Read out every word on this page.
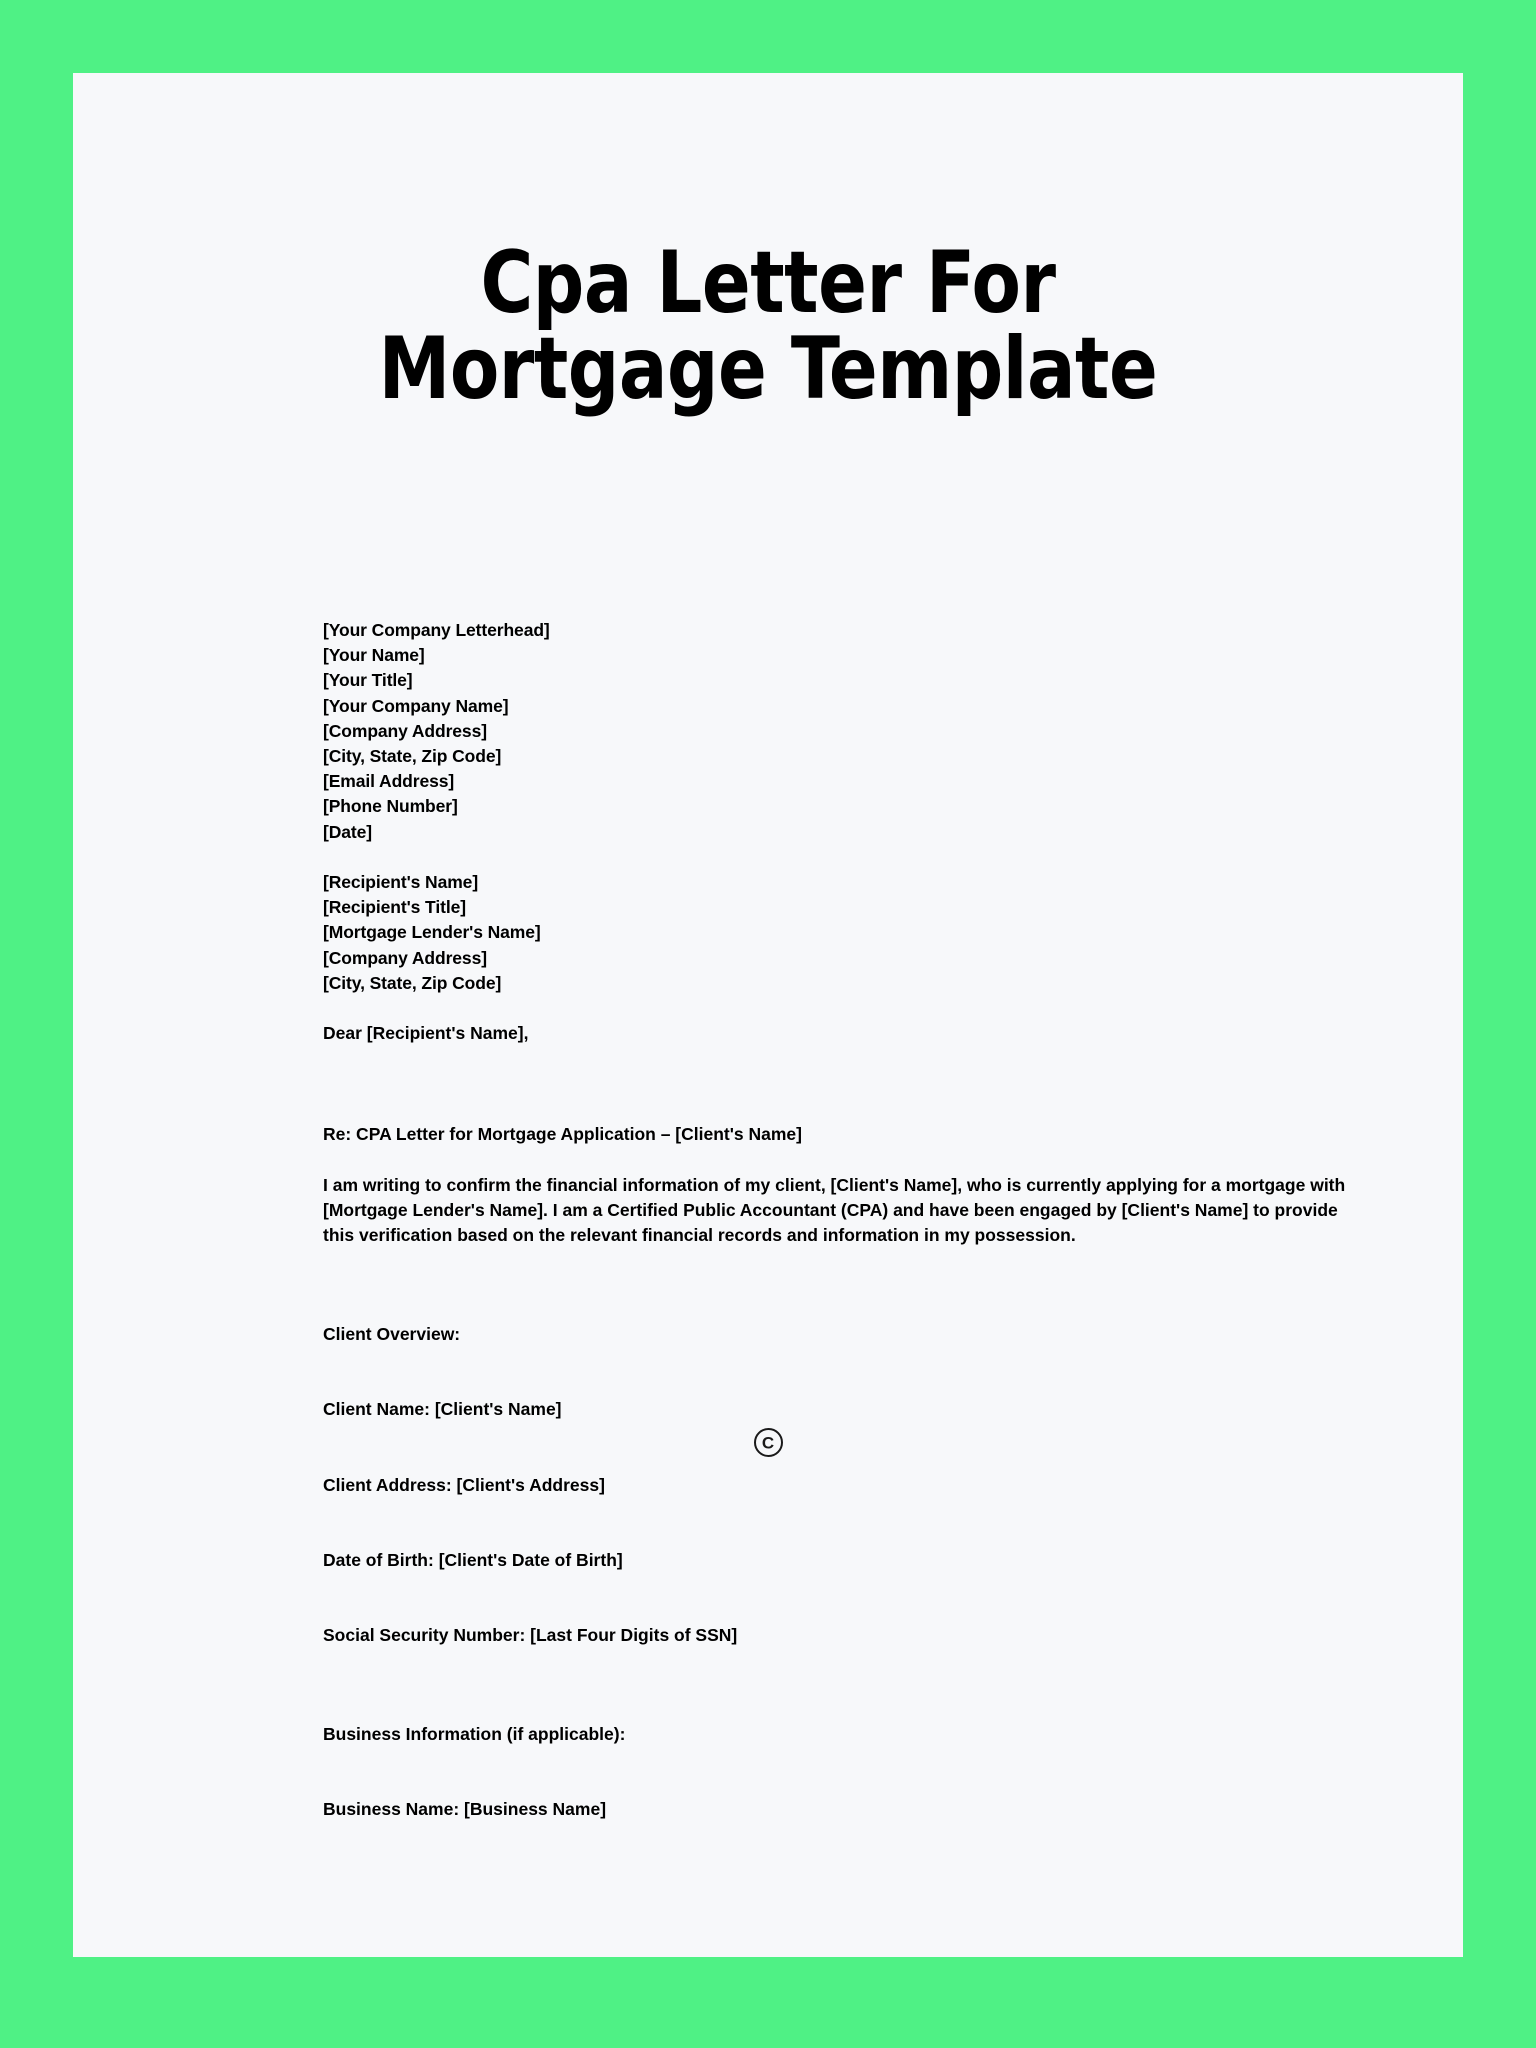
Cpa Letter For Mortgage Template
[Your Company Letterhead]
[Your Name]
[Your Title]
[Your Company Name]
[Company Address]
[City, State, Zip Code]
[Email Address]
[Phone Number]
[Date]
[Recipient's Name]
[Recipient's Title]
[Mortgage Lender's Name]
[Company Address]
[City, State, Zip Code]
Dear [Recipient's Name],
Re: CPA Letter for Mortgage Application – [Client's Name]
I am writing to confirm the financial information of my client, [Client's Name], who is currently applying for a mortgage with [Mortgage Lender's Name]. I am a Certified Public Accountant (CPA) and have been engaged by [Client's Name] to provide this verification based on the relevant financial records and information in my possession.
Client Overview:
Client Name: [Client's Name]
Client Address: [Client's Address]
Date of Birth: [Client's Date of Birth]
Social Security Number: [Last Four Digits of SSN]
Business Information (if applicable):
Business Name: [Business Name]
C
